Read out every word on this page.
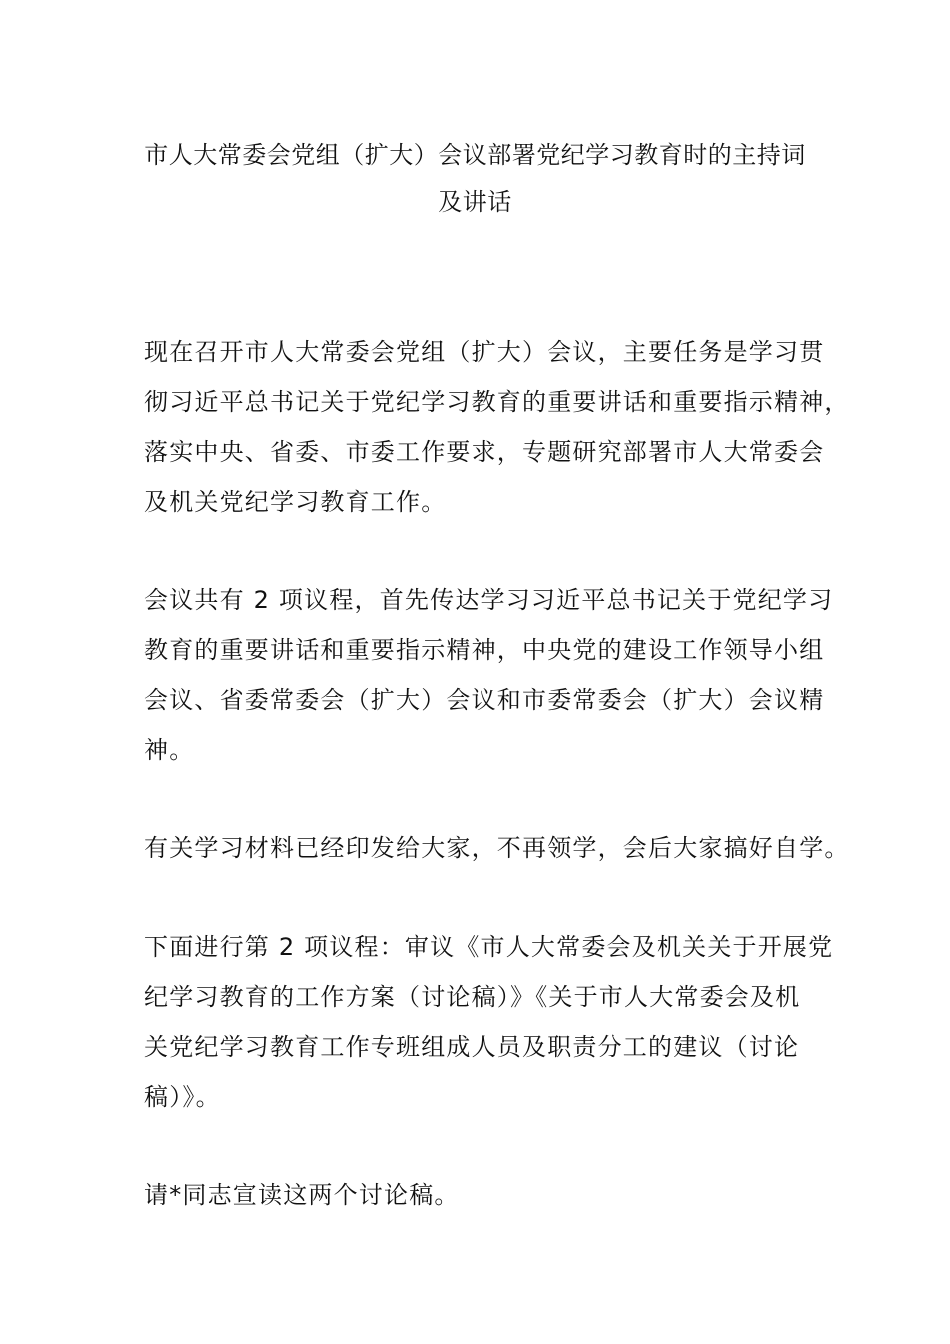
市人大常委会党组（扩大）会议部署党纪学习教育时的主持词
及讲话

现在召开市人大常委会党组（扩大）会议，主要任务是学习贯
彻习近平总书记关于党纪学习教育的重要讲话和重要指示精神，
落实中央、省委、市委工作要求，专题研究部署市人大常委会
及机关党纪学习教育工作。

会议共有 2 项议程，首先传达学习习近平总书记关于党纪学习
教育的重要讲话和重要指示精神，中央党的建设工作领导小组
会议、省委常委会（扩大）会议和市委常委会（扩大）会议精
神。

有关学习材料已经印发给大家，不再领学，会后大家搞好自学。

下面进行第 2 项议程：审议《市人大常委会及机关关于开展党
纪学习教育的工作方案（讨论稿）》《关于市人大常委会及机
关党纪学习教育工作专班组成人员及职责分工的建议（讨论
稿）》。

请*同志宣读这两个讨论稿。
